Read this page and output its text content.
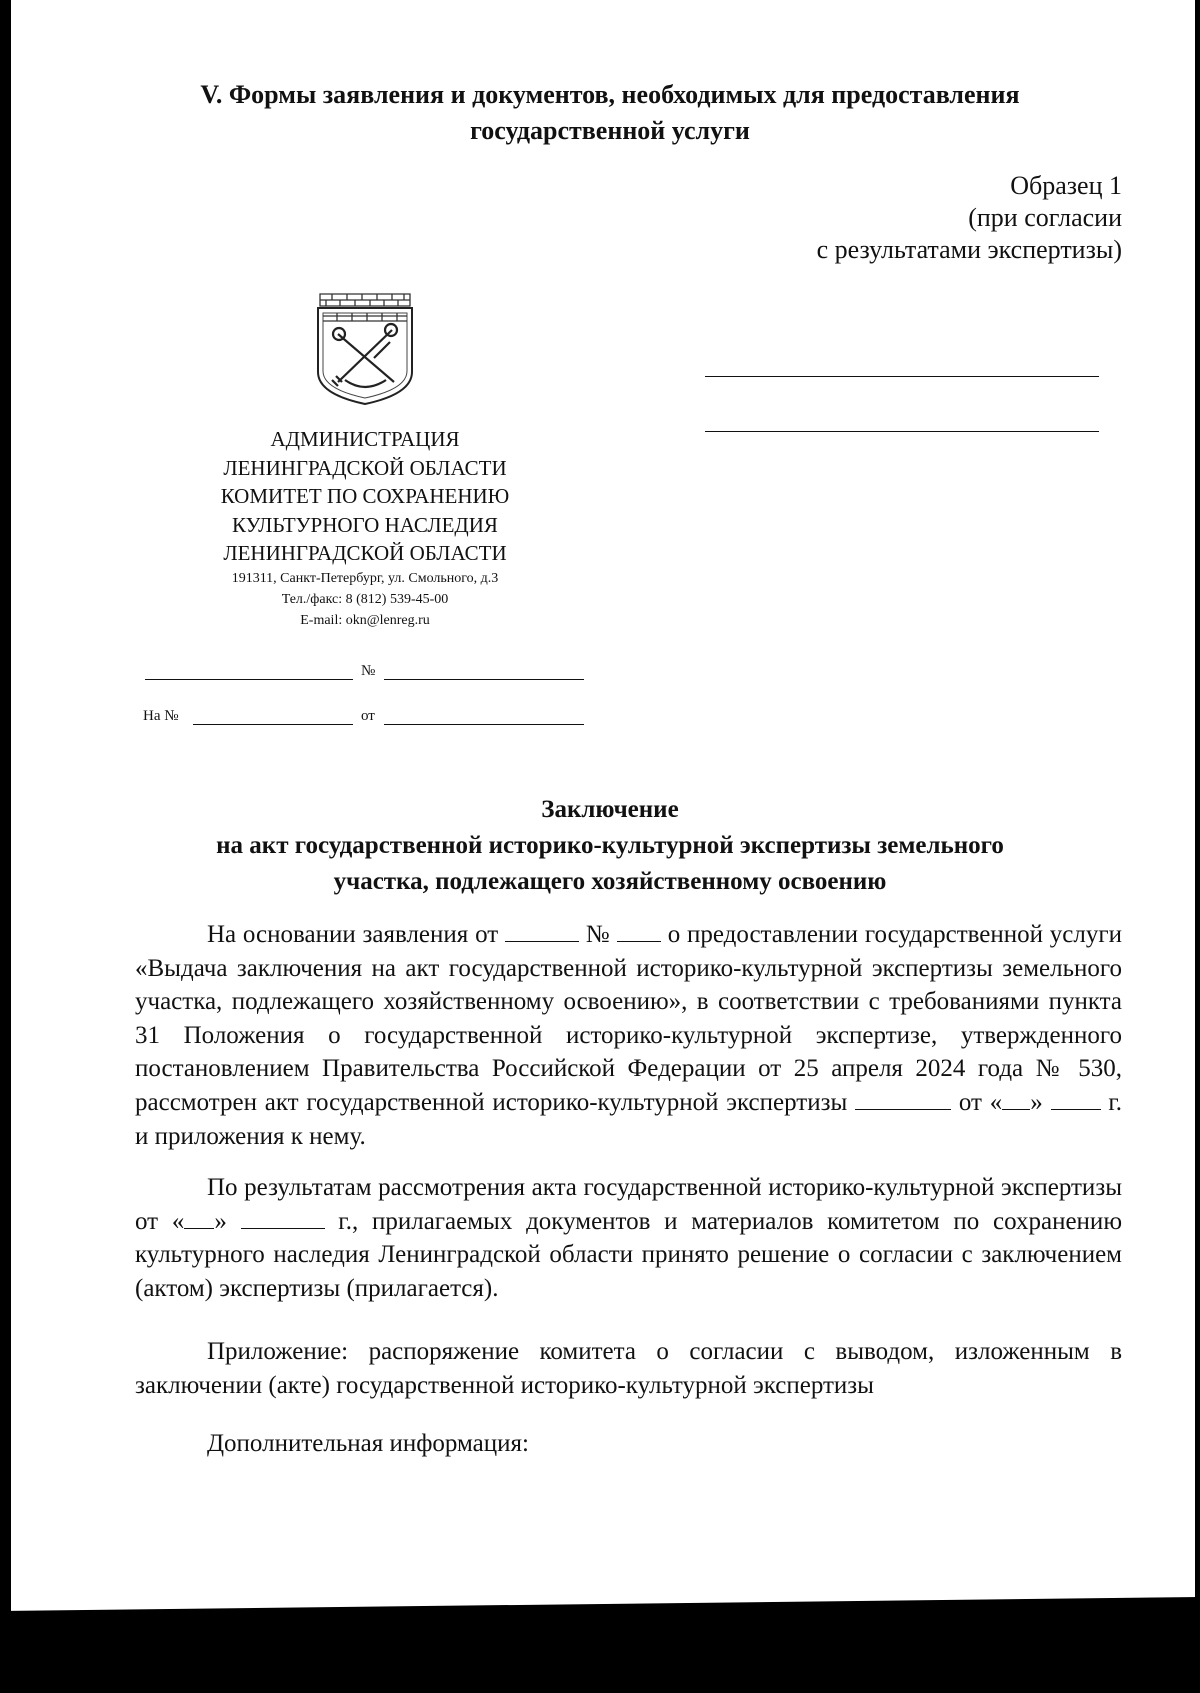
V. Формы заявления и документов, необходимых для предоставления
государственной услуги
Образец 1
(при согласии
с результатами экспертизы)
АДМИНИСТРАЦИЯ
ЛЕНИНГРАДСКОЙ ОБЛАСТИ
КОМИТЕТ ПО СОХРАНЕНИЮ
КУЛЬТУРНОГО НАСЛЕДИЯ
ЛЕНИНГРАДСКОЙ ОБЛАСТИ
191311, Санкт-Петербург, ул. Смольного, д.3
Тел./факс: 8 (812) 539-45-00
E-mail: okn@lenreg.ru
№
На №	от
Заключение
на акт государственной историко-культурной экспертизы земельного
участка, подлежащего хозяйственному освоению

На основании заявления от	№ о предоставлении государственной услуги «Выдача заключения на акт государственной историко-культурной экспертизы земельного участка, подлежащего хозяйственному освоению», в соответствии с требованиями пункта 31 Положения о государственной историко-культурной экспертизе, утвержденного постановлением Правительства Российской Федерации от 25 апреля 2024 года № 530, рассмотрен акт государственной историко-культурной экспертизы	от « »	г. и приложения к нему.

По результатам рассмотрения акта государственной историко-культурной экспертизы от « »	г., прилагаемых документов и материалов комитетом по сохранению культурного наследия Ленинградской области принято решение о согласии с заключением (актом) экспертизы (прилагается).

Приложение: распоряжение комитета о согласии с выводом, изложенным в заключении (акте) государственной историко-культурной экспертизы

Дополнительная информация:
